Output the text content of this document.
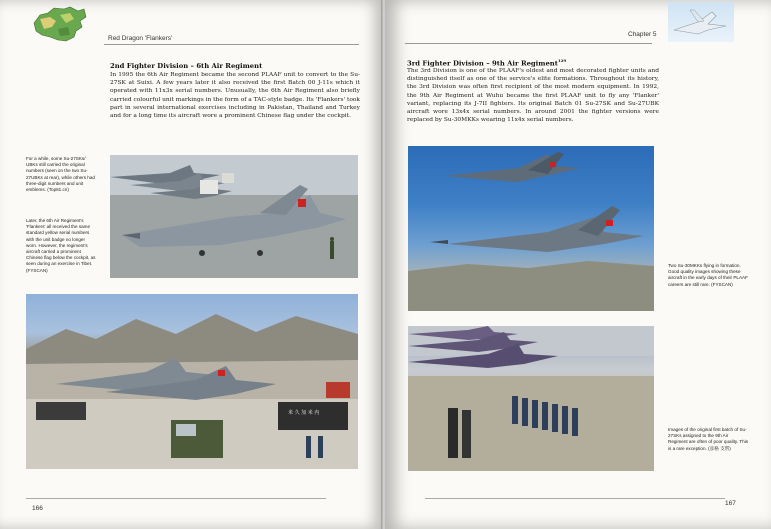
Red Dragon 'Flankers'
2nd Fighter Division – 6th Air Regiment
In 1995 the 6th Air Regiment became the second PLAAF unit to convert to the Su-27SK at Suixi. A few years later it also received the first Batch 00 J-11s which it operated with 11x3x serial numbers. Unusually, the 6th Air Regiment also briefly carried colourful unit markings in the form of a TAC-style badge. Its 'Flankers' took part in several international exercises including in Pakistan, Thailand and Turkey and for a long time its aircraft wore a prominent Chinese flag under the cockpit.
For a while, some Su-27SKs/ UBKs still carried the original numbers (seen on the two Su-27UBKs at rear), while others had three-digit numbers and unit emblems. (Top81.cn)
Later, the 6th Air Regiment's 'Flankers' all received the same standard yellow serial numbers with the unit badge no longer worn. However, the regiment's aircraft carried a prominent Chinese flag below the cockpit, as seen during an exercise in Tibet. (FYSCAN)
米 久 加 米 内
166
Chapter 5
3rd Fighter Division – 9th Air Regiment$^{129}$
The 3rd Division is one of the PLAAF's oldest and most decorated fighter units and distinguished itself as one of the service's elite formations. Throughout its history, the 3rd Division was often first recipient of the most modern equipment. In 1992, the 9th Air Regiment at Wuhu became the first PLAAF unit to fly any 'Flanker' variant, replacing its J-7II fighters. Its original Batch 01 Su-27SK and Su-27UBK aircraft wore 13x4x serial numbers. In around 2001 the fighter versions were replaced by Su-30MKKs wearing 11x4x serial numbers.
Two Su-30MKKs flying in formation. Good quality images showing these aircraft in the early days of their PLAAF careers are still rare. (FYSCAN)
Images of the original first batch of Su-27SKs assigned to the 9th Air Regiment are often of poor quality. This is a rare exception. (彦格 支帮)
167
